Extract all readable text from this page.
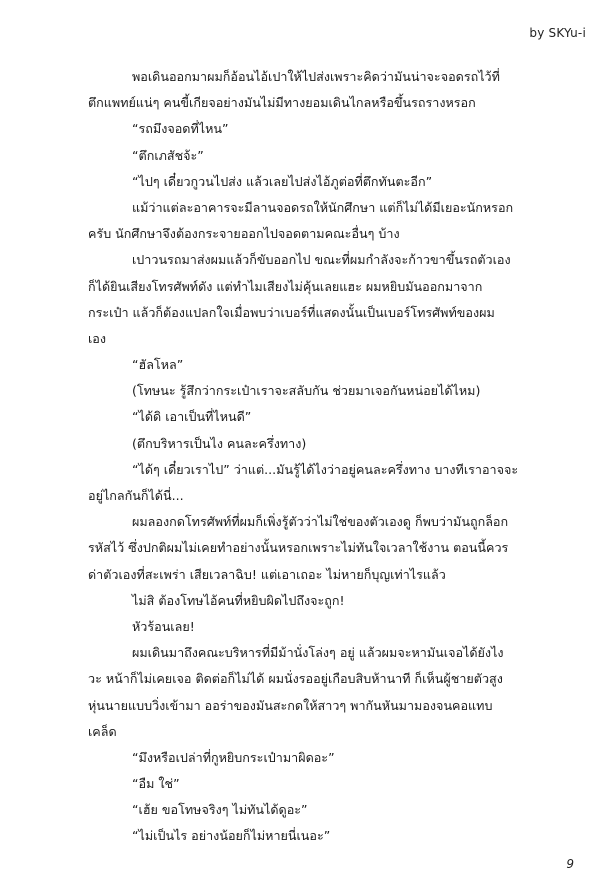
by SKYu-i
พอเดินออกมาผมก็อ้อนไอ้เปาให้ไปส่งเพราะคิดว่ามันน่าจะจอดรถไว้ที่
ตึกแพทย์แน่ๆ คนขี้เกียจอย่างมันไม่มีทางยอมเดินไกลหรือขึ้นรถรางหรอก
“รถมึงจอดที่ไหน”
“ตึกเภสัชจ้ะ”
“ไปๆ เดี๋ยวกูวนไปส่ง แล้วเลยไปส่งไอ้ภูต่อที่ตึกทันตะอีก”
แม้ว่าแต่ละอาคารจะมีลานจอดรถให้นักศึกษา แต่ก็ไม่ได้มีเยอะนักหรอก
ครับ นักศึกษาจึงต้องกระจายออกไปจอดตามคณะอื่นๆ บ้าง
เปาวนรถมาส่งผมแล้วก็ขับออกไป ขณะที่ผมกำลังจะก้าวขาขึ้นรถตัวเอง
ก็ได้ยินเสียงโทรศัพท์ดัง แต่ทำไมเสียงไม่คุ้นเลยแฮะ ผมหยิบมันออกมาจาก
กระเป๋า แล้วก็ต้องแปลกใจเมื่อพบว่าเบอร์ที่แสดงนั้นเป็นเบอร์โทรศัพท์ของผม
เอง
“ฮัลโหล”
(โทษนะ รู้สึกว่ากระเป๋าเราจะสลับกัน ช่วยมาเจอกันหน่อยได้ไหม)
“ได้ดิ เอาเป็นที่ไหนดี”
(ตึกบริหารเป็นไง คนละครึ่งทาง)
“ได้ๆ เดี๋ยวเราไป” ว่าแต่...มันรู้ได้ไงว่าอยู่คนละครึ่งทาง บางทีเราอาจจะ
อยู่ไกลกันก็ได้นี่...
ผมลองกดโทรศัพท์ที่ผมก็เพิ่งรู้ตัวว่าไม่ใช่ของตัวเองดู ก็พบว่ามันถูกล็อก
รหัสไว้ ซึ่งปกติผมไม่เคยทำอย่างนั้นหรอกเพราะไม่ทันใจเวลาใช้งาน ตอนนี้ควร
ด่าตัวเองที่สะเพร่า เสียเวลาฉิบ! แต่เอาเถอะ ไม่หายก็บุญเท่าไรแล้ว
ไม่สิ ต้องโทษไอ้คนที่หยิบผิดไปถึงจะถูก!
หัวร้อนเลย!
ผมเดินมาถึงคณะบริหารที่มีม้านั่งโล่งๆ อยู่ แล้วผมจะหามันเจอได้ยังไง
วะ หน้าก็ไม่เคยเจอ ติดต่อก็ไม่ได้ ผมนั่งรออยู่เกือบสิบห้านาที ก็เห็นผู้ชายตัวสูง
หุ่นนายแบบวิ่งเข้ามา ออร่าของมันสะกดให้สาวๆ พากันหันมามองจนคอแทบ
เคล็ด
“มึงหรือเปล่าที่กูหยิบกระเป๋ามาผิดอะ”
“อืม ใช่”
“เฮ้ย ขอโทษจริงๆ ไม่ทันได้ดูอะ”
“ไม่เป็นไร อย่างน้อยก็ไม่หายนี่เนอะ”
9
